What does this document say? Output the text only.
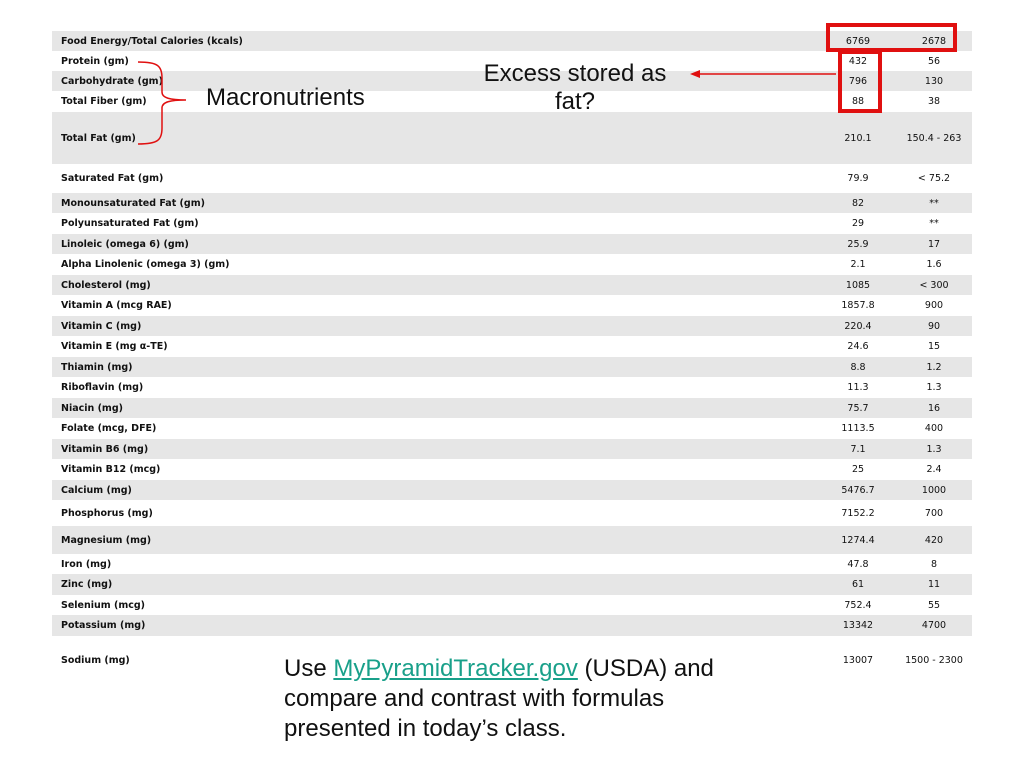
Food Energy/Total Calories (kcals)	6769	2678
Protein (gm)	432	56
Carbohydrate (gm)	796	130
Total Fiber (gm)	88	38
Total Fat (gm)	210.1	150.4 - 263
Saturated Fat (gm)	79.9	< 75.2
Monounsaturated Fat (gm)	82	**
Polyunsaturated Fat (gm)	29	**
Linoleic (omega 6) (gm)	25.9	17
Alpha Linolenic (omega 3) (gm)	2.1	1.6
Cholesterol (mg)	1085	< 300
Vitamin A (mcg RAE)	1857.8	900
Vitamin C (mg)	220.4	90
Vitamin E (mg α-TE)	24.6	15
Thiamin (mg)	8.8	1.2
Riboflavin (mg)	11.3	1.3
Niacin (mg)	75.7	16
Folate (mcg, DFE)	1113.5	400
Vitamin B6 (mg)	7.1	1.3
Vitamin B12 (mcg)	25	2.4
Calcium (mg)	5476.7	1000
Phosphorus (mg)	7152.2	700
Magnesium (mg)	1274.4	420
Iron (mg)	47.8	8
Zinc (mg)	61	11
Selenium (mcg)	752.4	55
Potassium (mg)	13342	4700
Sodium (mg)	13007	1500 - 2300
Macronutrients
Excess stored as fat?
Use MyPyramidTracker.gov (USDA) and compare and contrast with formulas presented in today’s class.
